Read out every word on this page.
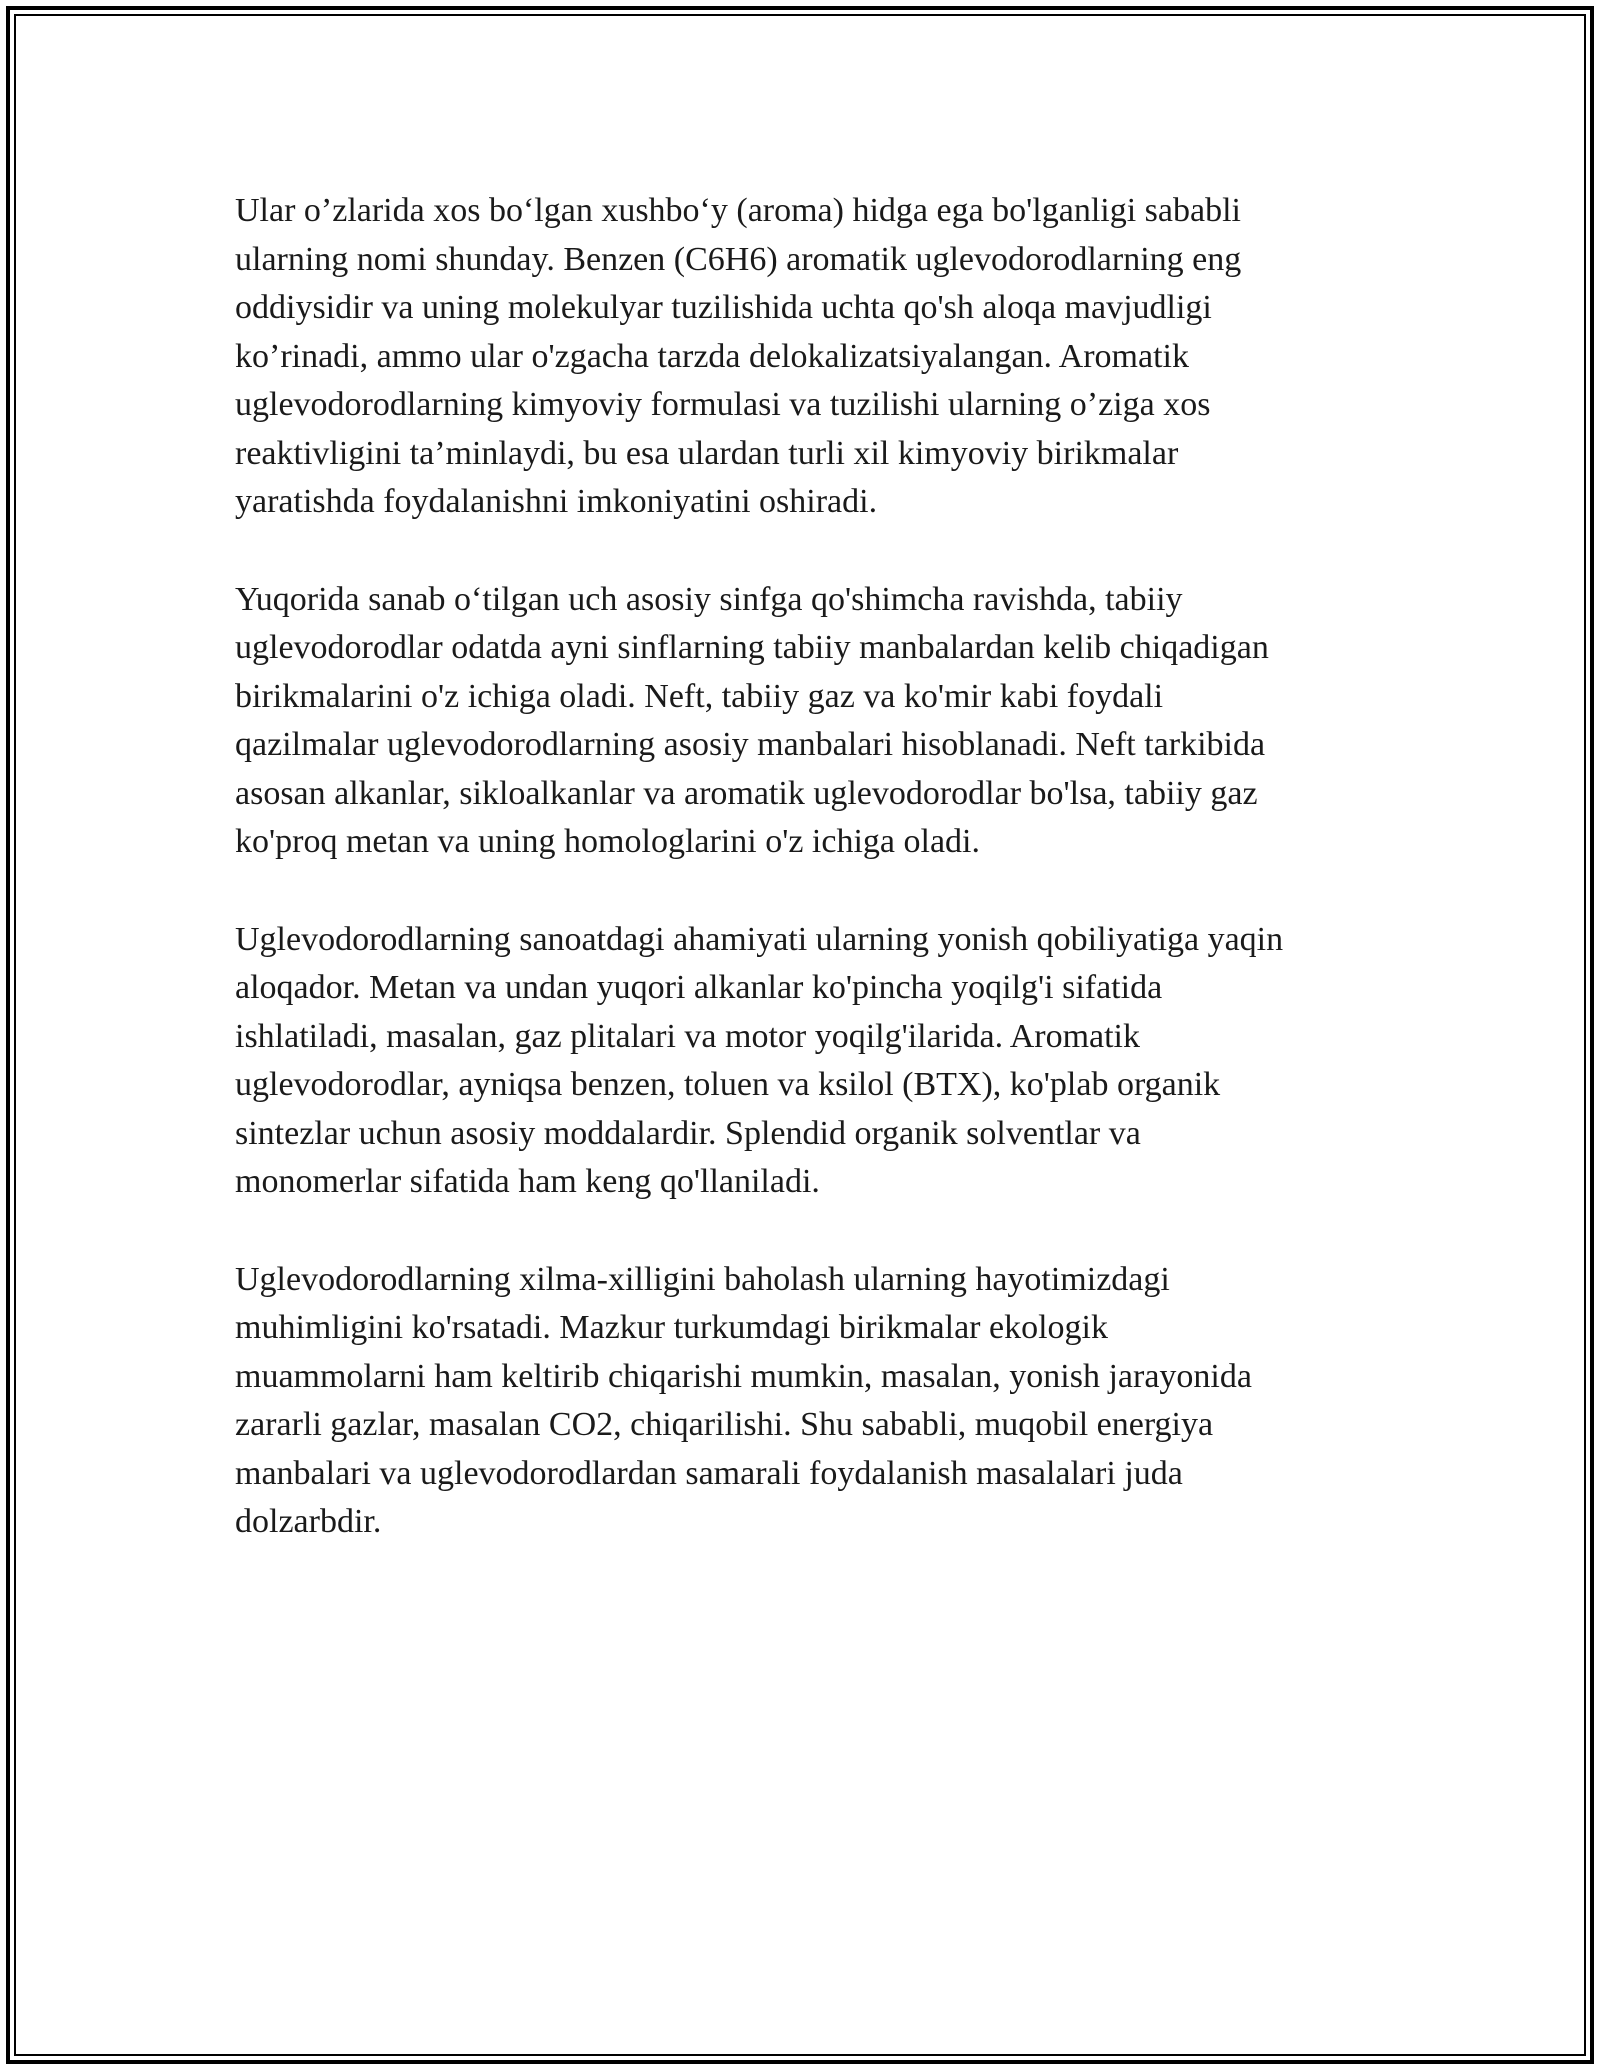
Ular o’zlarida xos bo‘lgan xushbo‘y (aroma) hidga ega bo'lganligi sababli
ularning nomi shunday. Benzen (C6H6) aromatik uglevodorodlarning eng
oddiysidir va uning molekulyar tuzilishida uchta qo'sh aloqa mavjudligi
ko’rinadi, ammo ular o'zgacha tarzda delokalizatsiyalangan. Aromatik
uglevodorodlarning kimyoviy formulasi va tuzilishi ularning o’ziga xos
reaktivligini ta’minlaydi, bu esa ulardan turli xil kimyoviy birikmalar
yaratishda foydalanishni imkoniyatini oshiradi.

Yuqorida sanab o‘tilgan uch asosiy sinfga qo'shimcha ravishda, tabiiy
uglevodorodlar odatda ayni sinflarning tabiiy manbalardan kelib chiqadigan
birikmalarini o'z ichiga oladi. Neft, tabiiy gaz va ko'mir kabi foydali
qazilmalar uglevodorodlarning asosiy manbalari hisoblanadi. Neft tarkibida
asosan alkanlar, sikloalkanlar va aromatik uglevodorodlar bo'lsa, tabiiy gaz
ko'proq metan va uning homologlarini o'z ichiga oladi.

Uglevodorodlarning sanoatdagi ahamiyati ularning yonish qobiliyatiga yaqin
aloqador. Metan va undan yuqori alkanlar ko'pincha yoqilg'i sifatida
ishlatiladi, masalan, gaz plitalari va motor yoqilg'ilarida. Aromatik
uglevodorodlar, ayniqsa benzen, toluen va ksilol (BTX), ko'plab organik
sintezlar uchun asosiy moddalardir. Splendid organik solventlar va
monomerlar sifatida ham keng qo'llaniladi.

Uglevodorodlarning xilma-xilligini baholash ularning hayotimizdagi
muhimligini ko'rsatadi. Mazkur turkumdagi birikmalar ekologik
muammolarni ham keltirib chiqarishi mumkin, masalan, yonish jarayonida
zararli gazlar, masalan CO2, chiqarilishi. Shu sababli, muqobil energiya
manbalari va uglevodorodlardan samarali foydalanish masalalari juda
dolzarbdir.
